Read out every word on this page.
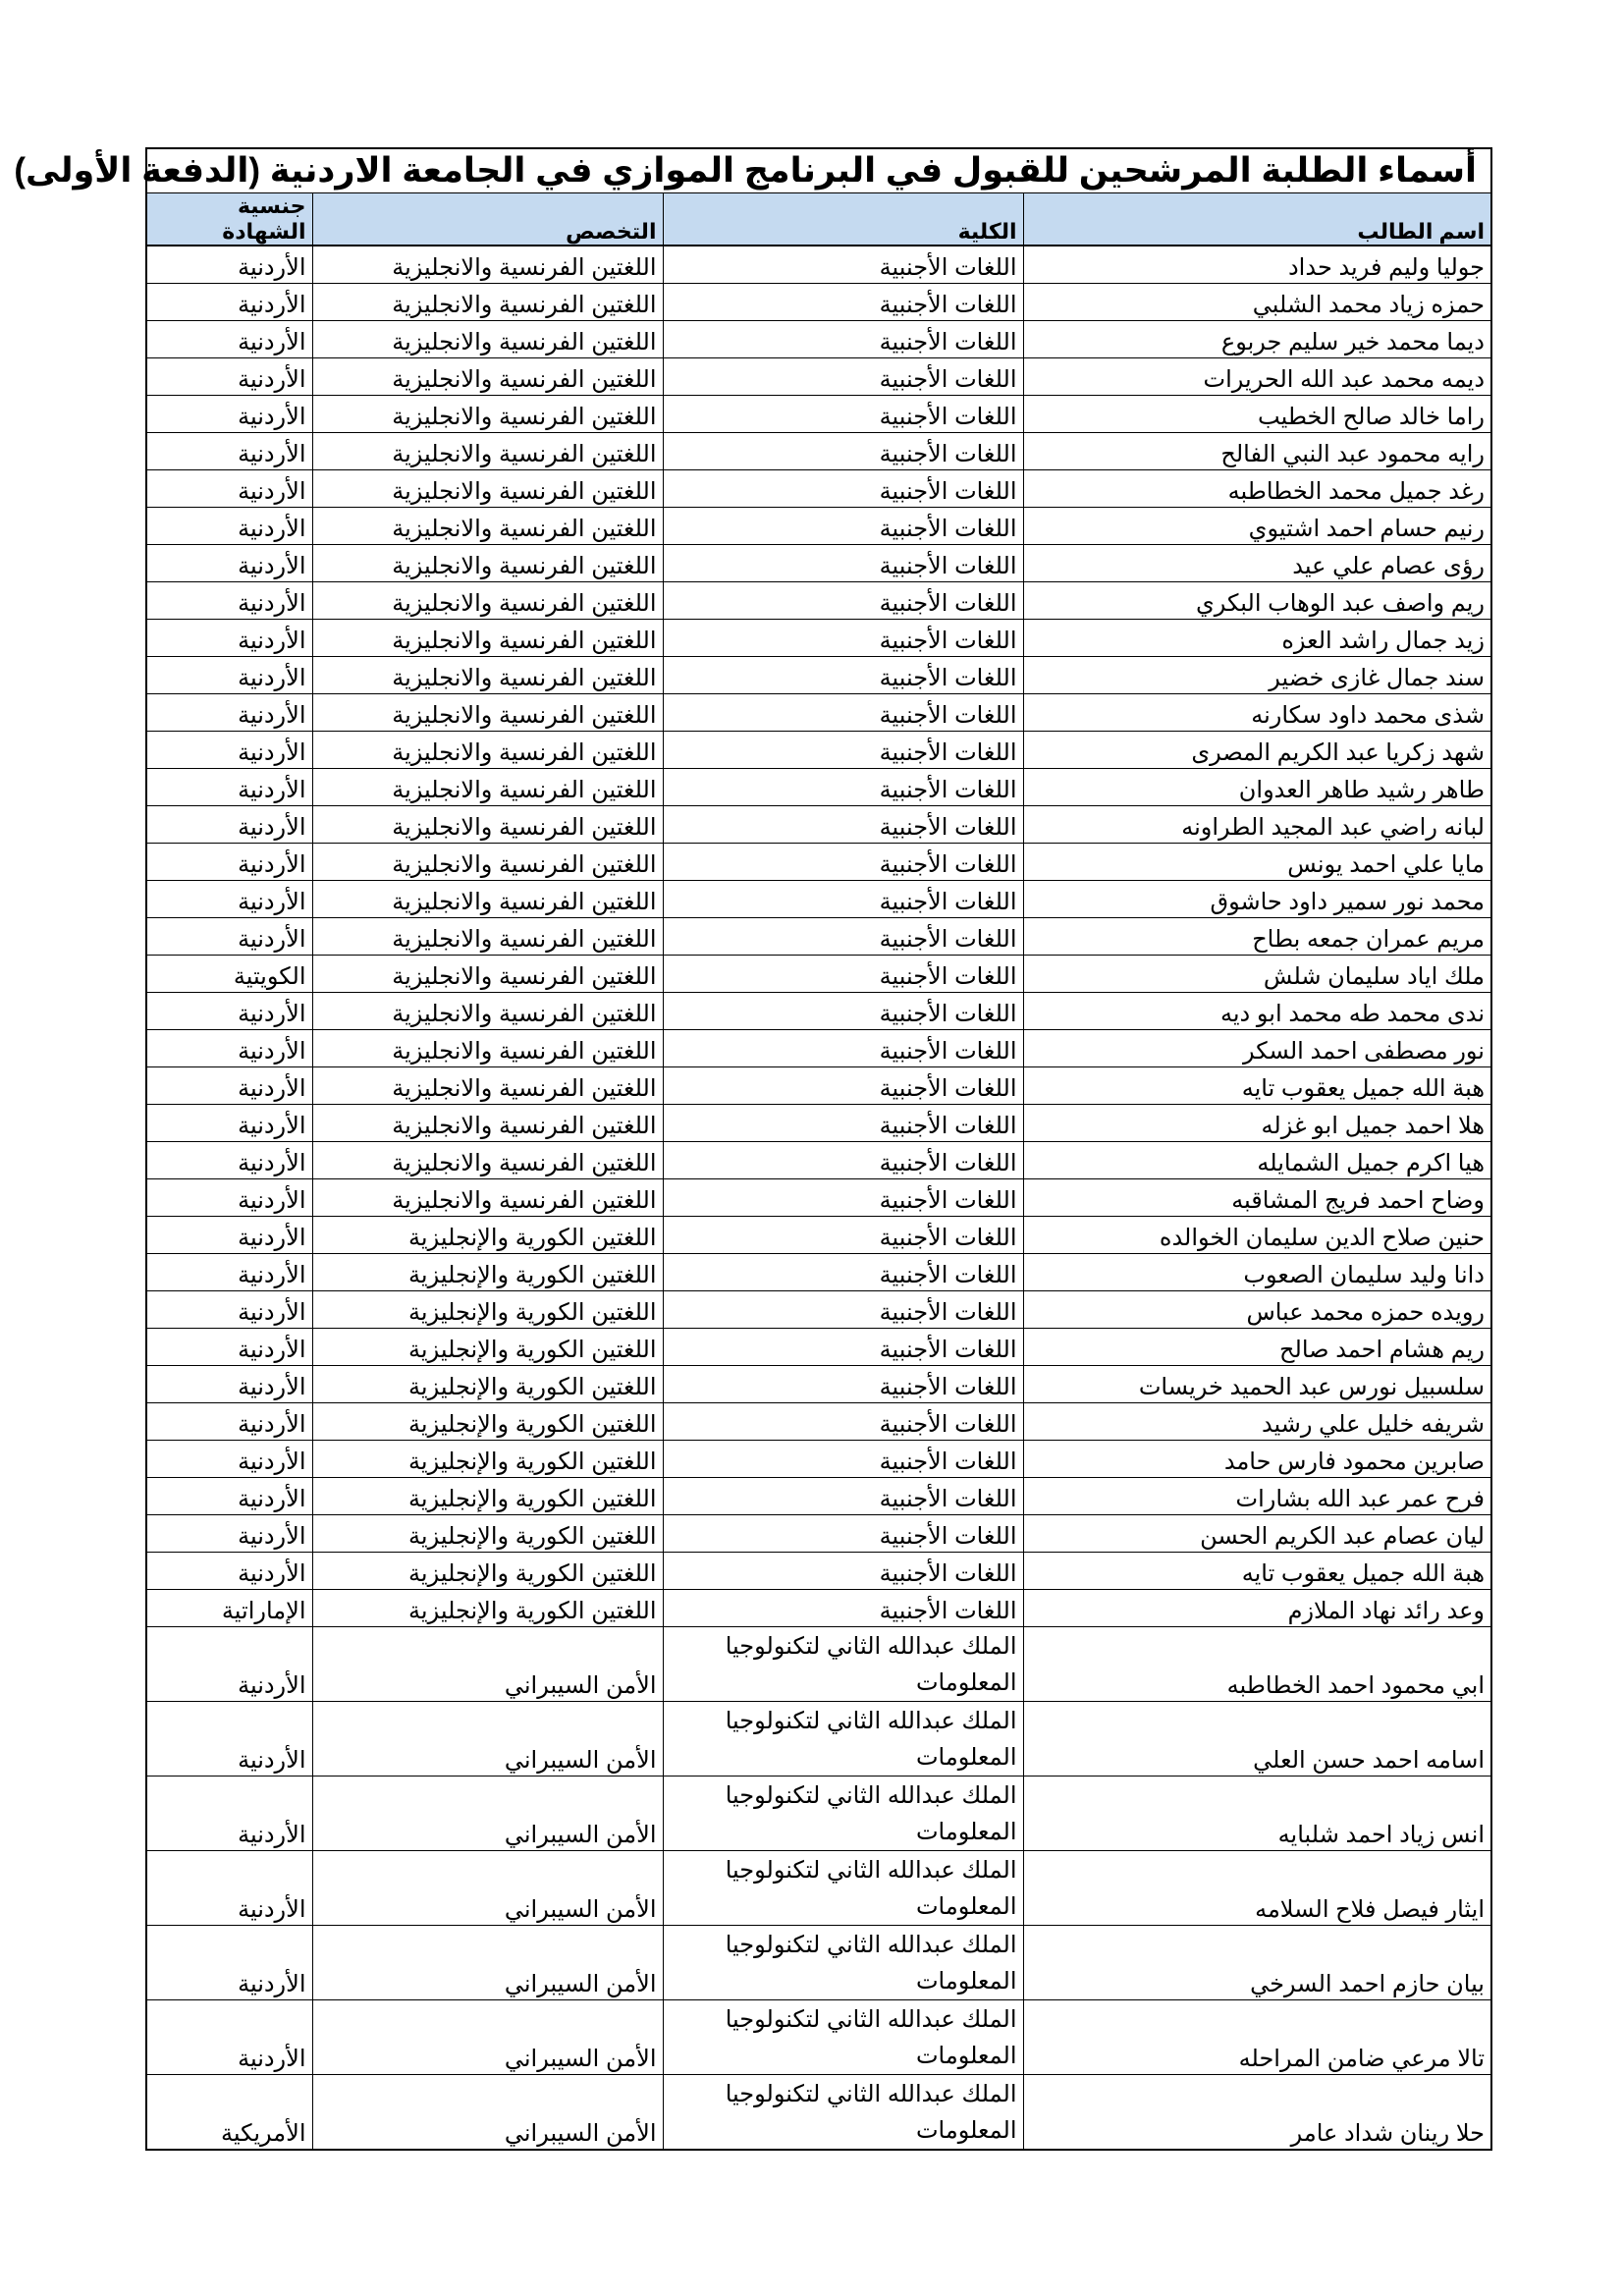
أسماء الطلبة المرشحين للقبول في البرنامج الموازي في الجامعة الاردنية (الدفعة الأولى)			
اسم الطالب	الكلية	التخصص	جنسية الشهادة
جوليا وليم فريد حداد	اللغات الأجنبية	اللغتين الفرنسية والانجليزية	الأردنية
حمزه زياد محمد الشلبي	اللغات الأجنبية	اللغتين الفرنسية والانجليزية	الأردنية
ديما محمد خير سليم جربوع	اللغات الأجنبية	اللغتين الفرنسية والانجليزية	الأردنية
ديمه محمد عبد الله الحريرات	اللغات الأجنبية	اللغتين الفرنسية والانجليزية	الأردنية
راما خالد صالح الخطيب	اللغات الأجنبية	اللغتين الفرنسية والانجليزية	الأردنية
رايه محمود عبد النبي الفالح	اللغات الأجنبية	اللغتين الفرنسية والانجليزية	الأردنية
رغد جميل محمد الخطاطبه	اللغات الأجنبية	اللغتين الفرنسية والانجليزية	الأردنية
رنيم حسام احمد اشتيوي	اللغات الأجنبية	اللغتين الفرنسية والانجليزية	الأردنية
رؤى عصام علي عيد	اللغات الأجنبية	اللغتين الفرنسية والانجليزية	الأردنية
ريم واصف عبد الوهاب البكري	اللغات الأجنبية	اللغتين الفرنسية والانجليزية	الأردنية
زيد جمال راشد العزه	اللغات الأجنبية	اللغتين الفرنسية والانجليزية	الأردنية
سند جمال غازى خضير	اللغات الأجنبية	اللغتين الفرنسية والانجليزية	الأردنية
شذى محمد داود سكارنه	اللغات الأجنبية	اللغتين الفرنسية والانجليزية	الأردنية
شهد زكريا عبد الكريم المصرى	اللغات الأجنبية	اللغتين الفرنسية والانجليزية	الأردنية
طاهر رشيد طاهر العدوان	اللغات الأجنبية	اللغتين الفرنسية والانجليزية	الأردنية
لبانه راضي عبد المجيد الطراونه	اللغات الأجنبية	اللغتين الفرنسية والانجليزية	الأردنية
مايا علي احمد يونس	اللغات الأجنبية	اللغتين الفرنسية والانجليزية	الأردنية
محمد نور سمير داود حاشوق	اللغات الأجنبية	اللغتين الفرنسية والانجليزية	الأردنية
مريم عمران جمعه بطاح	اللغات الأجنبية	اللغتين الفرنسية والانجليزية	الأردنية
ملك اياد سليمان شلش	اللغات الأجنبية	اللغتين الفرنسية والانجليزية	الكويتية
ندى محمد طه محمد ابو ديه	اللغات الأجنبية	اللغتين الفرنسية والانجليزية	الأردنية
نور مصطفى احمد السكر	اللغات الأجنبية	اللغتين الفرنسية والانجليزية	الأردنية
هبة الله جميل يعقوب تايه	اللغات الأجنبية	اللغتين الفرنسية والانجليزية	الأردنية
هلا احمد جميل ابو غزله	اللغات الأجنبية	اللغتين الفرنسية والانجليزية	الأردنية
هيا اكرم جميل الشمايله	اللغات الأجنبية	اللغتين الفرنسية والانجليزية	الأردنية
وضاح احمد فريج المشاقبه	اللغات الأجنبية	اللغتين الفرنسية والانجليزية	الأردنية
حنين صلاح الدين سليمان الخوالده	اللغات الأجنبية	اللغتين الكورية والإنجليزية	الأردنية
دانا وليد سليمان الصعوب	اللغات الأجنبية	اللغتين الكورية والإنجليزية	الأردنية
رويده حمزه محمد عباس	اللغات الأجنبية	اللغتين الكورية والإنجليزية	الأردنية
ريم هشام احمد صالح	اللغات الأجنبية	اللغتين الكورية والإنجليزية	الأردنية
سلسبيل نورس عبد الحميد خريسات	اللغات الأجنبية	اللغتين الكورية والإنجليزية	الأردنية
شريفه خليل علي رشيد	اللغات الأجنبية	اللغتين الكورية والإنجليزية	الأردنية
صابرين محمود فارس حامد	اللغات الأجنبية	اللغتين الكورية والإنجليزية	الأردنية
فرح عمر عبد الله بشارات	اللغات الأجنبية	اللغتين الكورية والإنجليزية	الأردنية
ليان عصام عبد الكريم الحسن	اللغات الأجنبية	اللغتين الكورية والإنجليزية	الأردنية
هبة الله جميل يعقوب تايه	اللغات الأجنبية	اللغتين الكورية والإنجليزية	الأردنية
وعد رائد نهاد الملازم	اللغات الأجنبية	اللغتين الكورية والإنجليزية	الإماراتية
ابي محمود احمد الخطاطبه	الملك عبدالله الثاني لتكنولوجيا المعلومات	الأمن السيبراني	الأردنية
اسامه احمد حسن العلي	الملك عبدالله الثاني لتكنولوجيا المعلومات	الأمن السيبراني	الأردنية
انس زياد احمد شلبايه	الملك عبدالله الثاني لتكنولوجيا المعلومات	الأمن السيبراني	الأردنية
ايثار فيصل فلاح السلامه	الملك عبدالله الثاني لتكنولوجيا المعلومات	الأمن السيبراني	الأردنية
بيان حازم احمد السرخي	الملك عبدالله الثاني لتكنولوجيا المعلومات	الأمن السيبراني	الأردنية
تالا مرعي ضامن المراحله	الملك عبدالله الثاني لتكنولوجيا المعلومات	الأمن السيبراني	الأردنية
حلا رينان شداد عامر	الملك عبدالله الثاني لتكنولوجيا المعلومات	الأمن السيبراني	الأمريكية
